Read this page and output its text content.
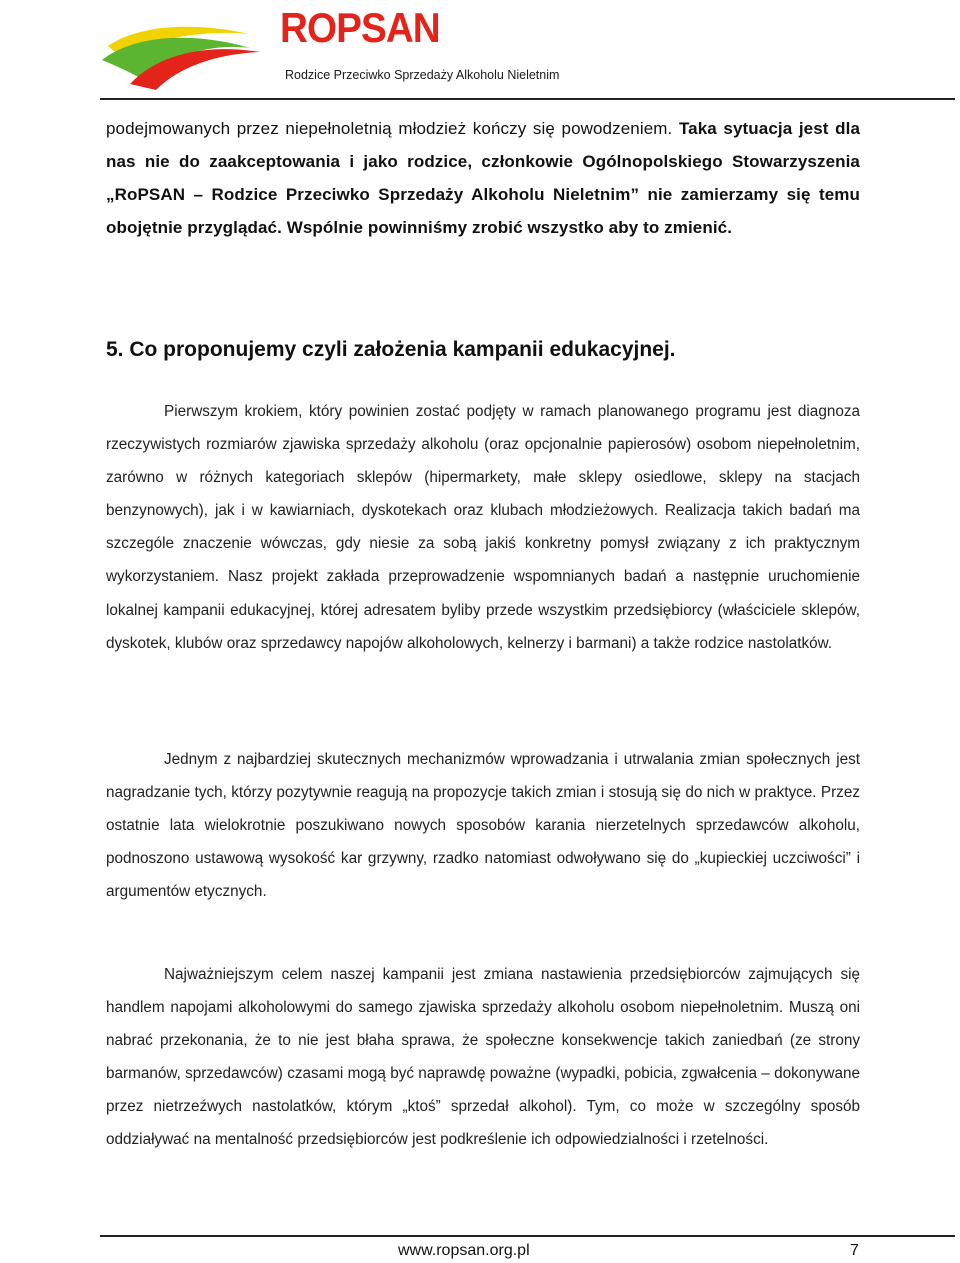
ROPSAN
Rodzice Przeciwko Sprzedaży Alkoholu Nieletnim

podejmowanych przez niepełnoletnią młodzież kończy się powodzeniem. Taka sytuacja jest dla nas nie do zaakceptowania i jako rodzice, członkowie Ogólnopolskiego Stowarzyszenia „RoPSAN – Rodzice Przeciwko Sprzedaży Alkoholu Nieletnim” nie zamierzamy się temu obojętnie przyglądać. Wspólnie powinniśmy zrobić wszystko aby to zmienić.

5. Co proponujemy czyli założenia kampanii edukacyjnej.

Pierwszym krokiem, który powinien zostać podjęty w ramach planowanego programu jest diagnoza rzeczywistych rozmiarów zjawiska sprzedaży alkoholu (oraz opcjonalnie papierosów) osobom niepełnoletnim, zarówno w różnych kategoriach sklepów (hipermarkety, małe sklepy osiedlowe, sklepy na stacjach benzynowych), jak i w kawiarniach, dyskotekach oraz klubach młodzieżowych. Realizacja takich badań ma szczególe znaczenie wówczas, gdy niesie za sobą jakiś konkretny pomysł związany z ich praktycznym wykorzystaniem. Nasz projekt zakłada przeprowadzenie wspomnianych badań a następnie uruchomienie lokalnej kampanii edukacyjnej, której adresatem byliby przede wszystkim przedsiębiorcy (właściciele sklepów, dyskotek, klubów oraz sprzedawcy napojów alkoholowych, kelnerzy i barmani) a także rodzice nastolatków.

Jednym z najbardziej skutecznych mechanizmów wprowadzania i utrwalania zmian społecznych jest nagradzanie tych, którzy pozytywnie reagują na propozycje takich zmian i stosują się do nich w praktyce. Przez ostatnie lata wielokrotnie poszukiwano nowych sposobów karania nierzetelnych sprzedawców alkoholu, podnoszono ustawową wysokość kar grzywny, rzadko natomiast odwoływano się do „kupieckiej uczciwości” i argumentów etycznych.

Najważniejszym celem naszej kampanii jest zmiana nastawienia przedsiębiorców zajmujących się handlem napojami alkoholowymi do samego zjawiska sprzedaży alkoholu osobom niepełnoletnim. Muszą oni nabrać przekonania, że to nie jest błaha sprawa, że społeczne konsekwencje takich zaniedbań (ze strony barmanów, sprzedawców) czasami mogą być naprawdę poważne (wypadki, pobicia, zgwałcenia – dokonywane przez nietrzeźwych nastolatków, którym „ktoś” sprzedał alkohol). Tym, co może w szczególny sposób oddziaływać na mentalność przedsiębiorców jest podkreślenie ich odpowiedzialności i rzetelności.

www.ropsan.org.pl	7
